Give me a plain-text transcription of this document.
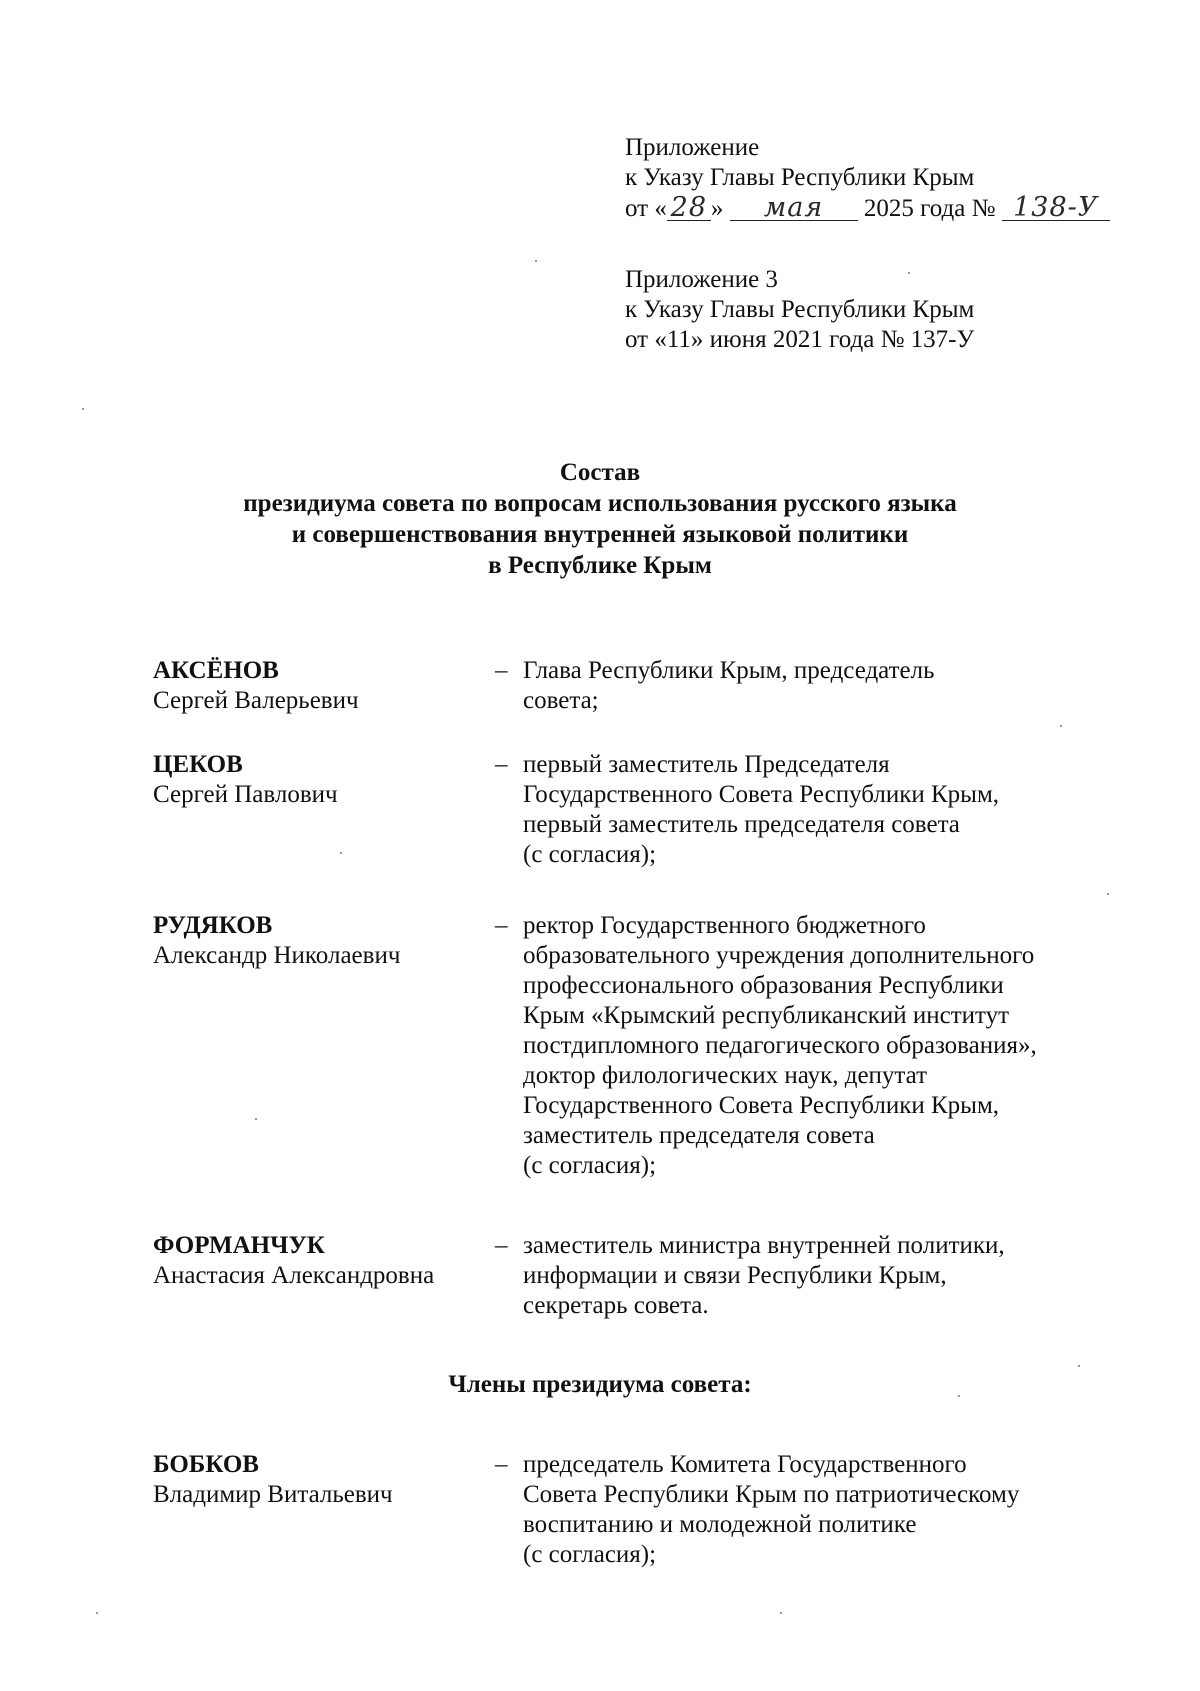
Приложение
к Указу Главы Республики Крым
от « 28 » мая 2025 года № 138-У
Приложение 3
к Указу Главы Республики Крым
от «11» июня 2021 года № 137-У
Состав
президиума совета по вопросам использования русского языка
и совершенствования внутренней языковой политики
в Республике Крым
АКСЁНОВ
Сергей Валерьевич
– Глава Республики Крым, председатель
совета;
ЦЕКОВ
Сергей Павлович
– первый заместитель Председателя
Государственного Совета Республики Крым,
первый заместитель председателя совета
(с согласия);
РУДЯКОВ
Александр Николаевич
– ректор Государственного бюджетного
образовательного учреждения дополнительного
профессионального образования Республики
Крым «Крымский республиканский институт
постдипломного педагогического образования»,
доктор филологических наук, депутат
Государственного Совета Республики Крым,
заместитель председателя совета
(с согласия);
ФОРМАНЧУК
Анастасия Александровна
– заместитель министра внутренней политики,
информации и связи Республики Крым,
секретарь совета.
Члены президиума совета:
БОБКОВ
Владимир Витальевич
– председатель Комитета Государственного
Совета Республики Крым по патриотическому
воспитанию и молодежной политике
(с согласия);
